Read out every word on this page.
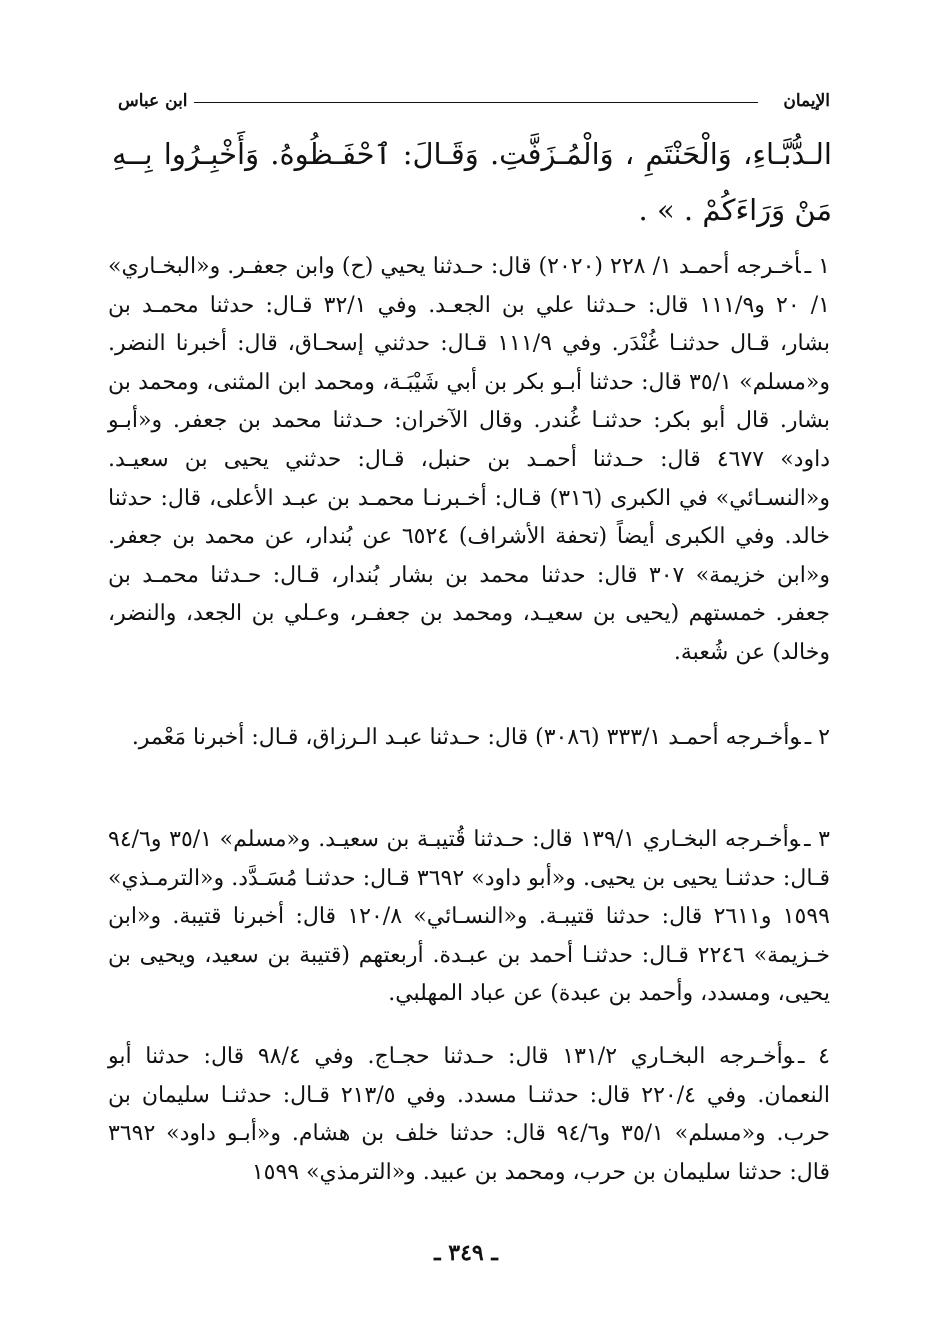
الإيمان
ابن عباس
الـدُّبَّـاءِ، وَالْحَنْتَمِ ، وَالْمُـزَفَّتِ. وَقَـالَ: ٱحْفَـظُوهُ. وَأَخْبِـرُوا بِــهِ مَنْ وَرَاءَكُمْ . » .

١ ـأخـرجه أحمـد ١/ ٢٢٨ (٢٠٢٠) قال: حـدثنا يحيي (ح) وابن جعفـر. و«البخـاري» ١/ ٢٠ و١١١/٩ قال: حـدثنا علي بن الجعـد. وفي ٣٢/١ قـال: حدثنا محمـد بن بشار، قـال حدثنـا غُنْدَر. وفي ١١١/٩ قـال: حدثني إسحـاق، قال: أخبرنا النضر. و«مسلم» ٣٥/١ قال: حدثنا أبـو بكر بن أبي شَيْبَـة، ومحمد ابن المثنى، ومحمد بن بشار. قال أبو بكر: حدثنـا غُندر. وقال الآخران: حـدثنا محمد بن جعفر. و«أبـو داود» ٤٦٧٧ قال: حـدثنا أحمـد بن حنبل، قـال: حدثني يحيى بن سعيـد. و«النسـائي» في الكبرى (٣١٦) قـال: أخـبرنـا محمـد بن عبـد الأعلى، قال: حدثنا خالد. وفي الكبرى أيضاً (تحفة الأشراف) ٦٥٢٤ عن بُندار، عن محمد بن جعفر. و«ابن خزيمة» ٣٠٧ قال: حدثنا محمد بن بشار بُندار، قـال: حـدثنا محمـد بن جعفر. خمستهم (يحيى بن سعيـد، ومحمد بن جعفـر، وعـلي بن الجعد، والنضر، وخالد) عن شُعبة.

٢ ـوأخـرجه أحمـد ٣٣٣/١ (٣٠٨٦) قال: حـدثنا عبـد الـرزاق، قـال: أخبرنا مَعْمر.

٣ ـوأخـرجه البخـاري ١٣٩/١ قال: حـدثنا قُتيبـة بن سعيـد. و«مسلم» ٣٥/١ و٩٤/٦ قـال: حدثنـا يحيى بن يحيى. و«أبو داود» ٣٦٩٢ قـال: حدثنـا مُسَـدَّد. و«الترمـذي» ١٥٩٩ و٢٦١١ قال: حدثنا قتيبـة. و«النسـائي» ١٢٠/٨ قال: أخبرنا قتيبة. و«ابن خـزيمة» ٢٢٤٦ قـال: حدثنـا أحمد بن عبـدة. أربعتهم (قتيبة بن سعيد، ويحيى بن يحيى، ومسدد، وأحمد بن عبدة) عن عباد المهلبي.

٤ ـوأخـرجه البخـاري ١٣١/٢ قال: حـدثنا حجـاج. وفي ٩٨/٤ قال: حدثنا أبو النعمان. وفي ٢٢٠/٤ قال: حدثنـا مسدد. وفي ٢١٣/٥ قـال: حدثنـا سليمان بن حرب. و«مسلم» ٣٥/١ و٩٤/٦ قال: حدثنا خلف بن هشام. و«أبـو داود» ٣٦٩٢ قال: حدثنا سليمان بن حرب، ومحمد بن عبيد. و«الترمذي» ١٥٩٩

ـ ٣٤٩ ـ
